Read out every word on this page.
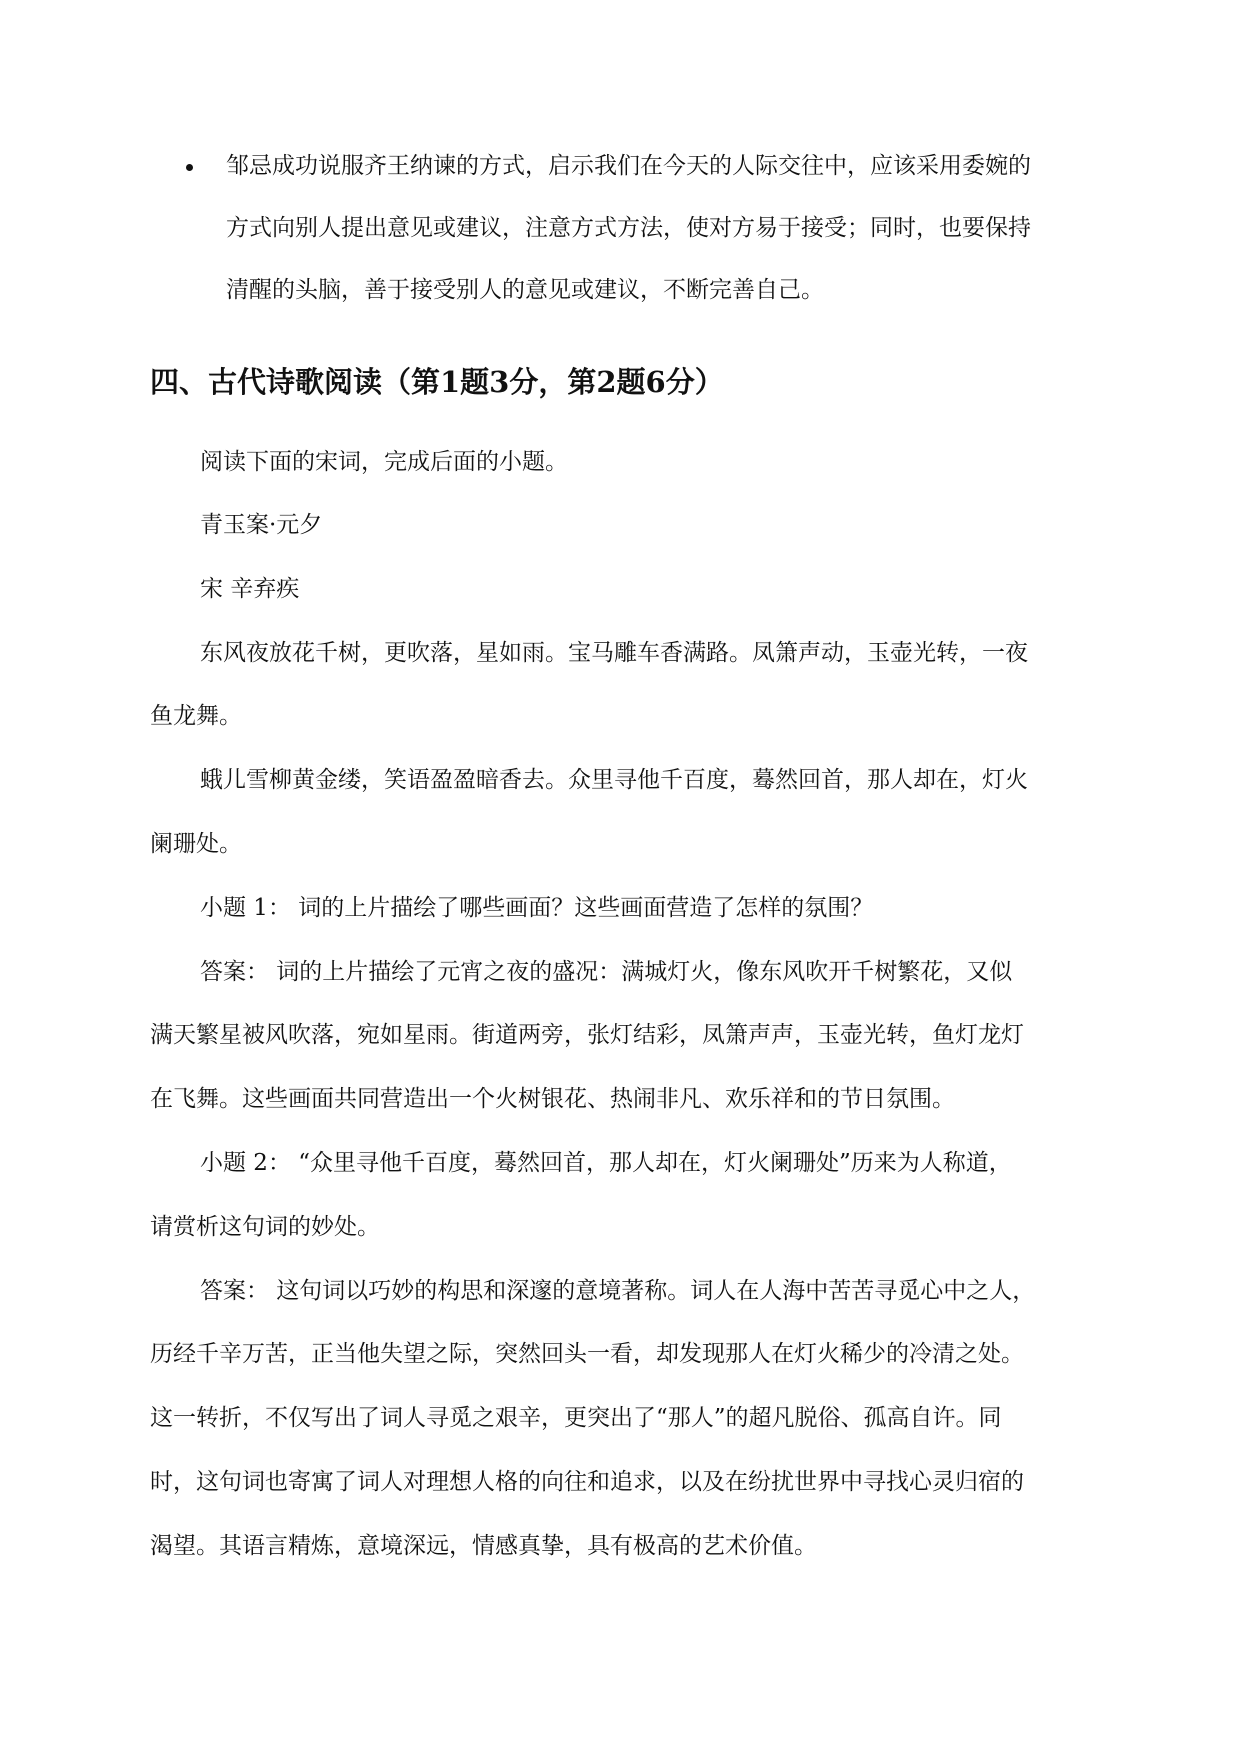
邹忌成功说服齐王纳谏的方式，启示我们在今天的人际交往中，应该采用委婉的
方式向别人提出意见或建议，注意方式方法，使对方易于接受；同时，也要保持
清醒的头脑，善于接受别人的意见或建议，不断完善自己。
四、古代诗歌阅读（第1题3分，第2题6分）
阅读下面的宋词，完成后面的小题。
青玉案·元夕
宋 辛弃疾
东风夜放花千树，更吹落，星如雨。宝马雕车香满路。凤箫声动，玉壶光转，一夜
鱼龙舞。
蛾儿雪柳黄金缕，笑语盈盈暗香去。众里寻他千百度，蓦然回首，那人却在，灯火
阑珊处。
小题 1： 词的上片描绘了哪些画面？这些画面营造了怎样的氛围？
答案： 词的上片描绘了元宵之夜的盛况：满城灯火，像东风吹开千树繁花，又似
满天繁星被风吹落，宛如星雨。街道两旁，张灯结彩，凤箫声声，玉壶光转，鱼灯龙灯
在飞舞。这些画面共同营造出一个火树银花、热闹非凡、欢乐祥和的节日氛围。
小题 2： “众里寻他千百度，蓦然回首，那人却在，灯火阑珊处”历来为人称道，
请赏析这句词的妙处。
答案： 这句词以巧妙的构思和深邃的意境著称。词人在人海中苦苦寻觅心中之人，
历经千辛万苦，正当他失望之际，突然回头一看，却发现那人在灯火稀少的冷清之处。
这一转折，不仅写出了词人寻觅之艰辛，更突出了“那人”的超凡脱俗、孤高自许。同
时，这句词也寄寓了词人对理想人格的向往和追求，以及在纷扰世界中寻找心灵归宿的
渴望。其语言精炼，意境深远，情感真挚，具有极高的艺术价值。
